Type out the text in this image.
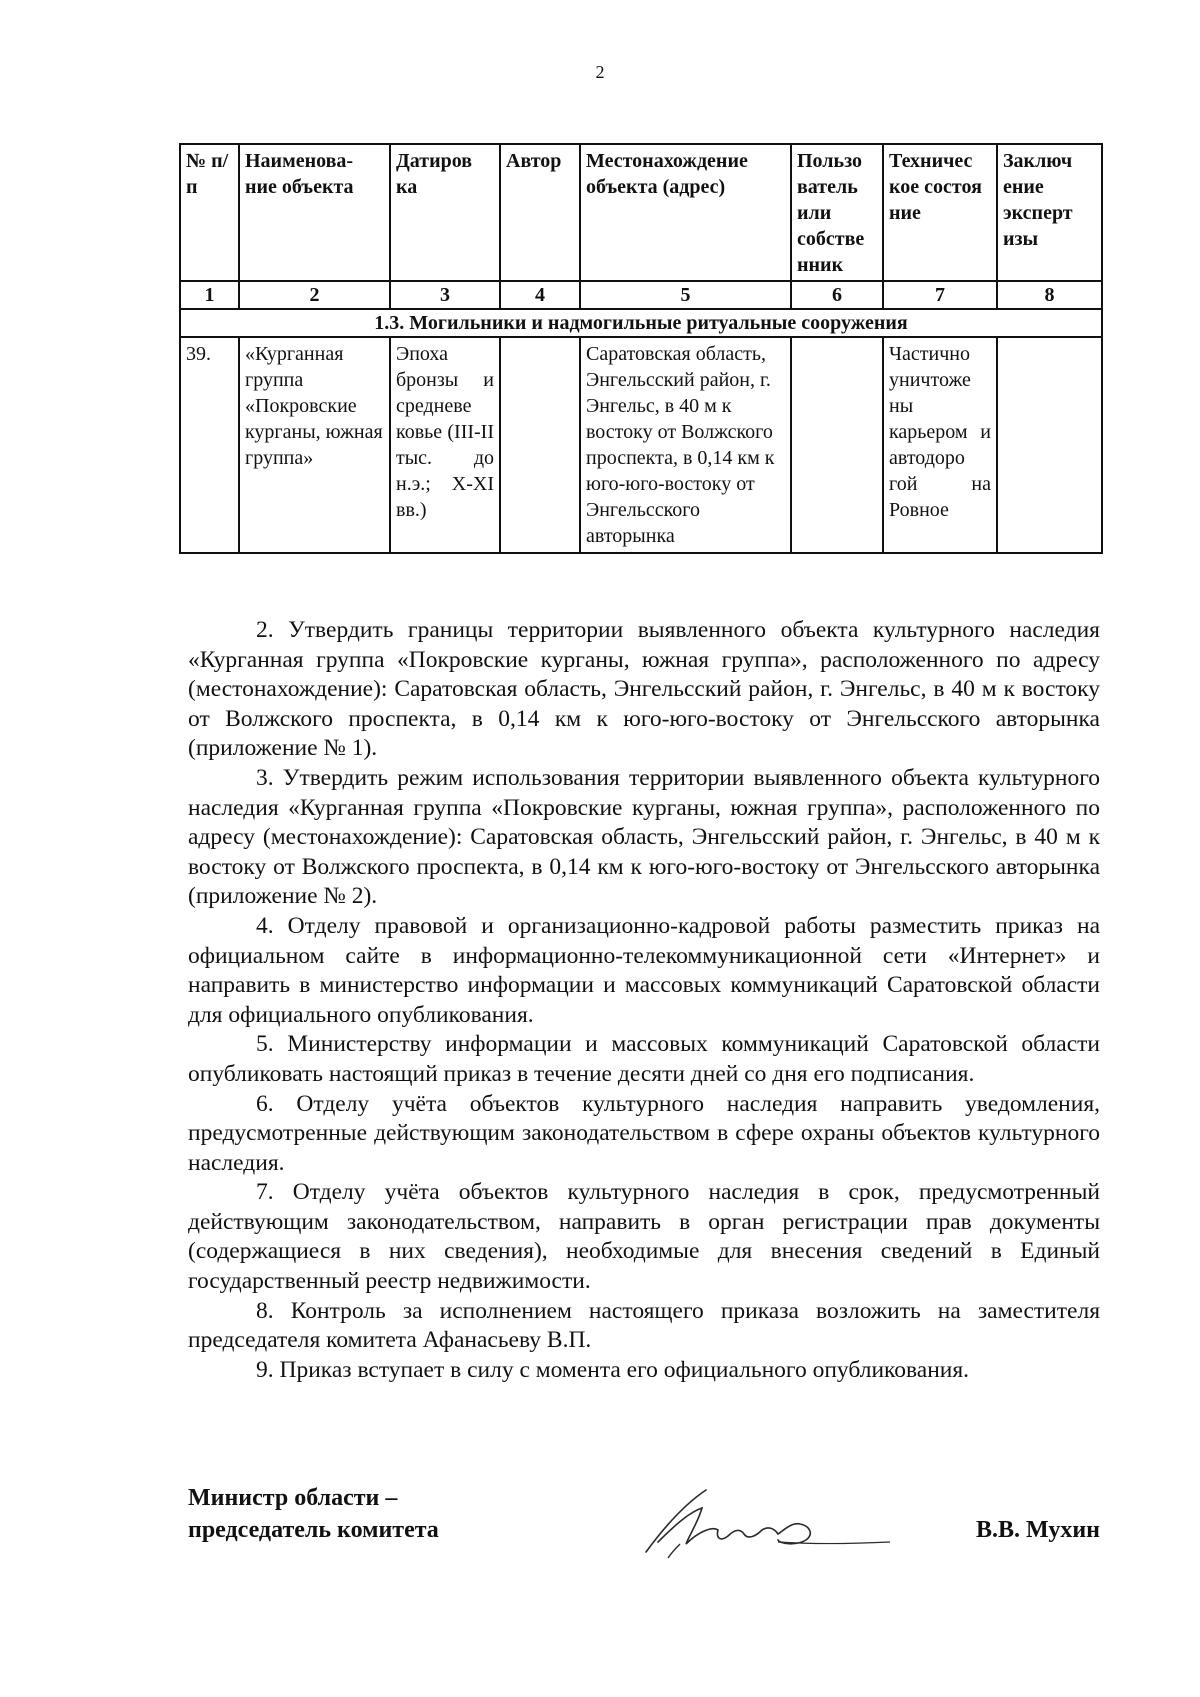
2
№ п/п	Наименова-ние объекта	Датиров ка	Автор	Местонахождение объекта (адрес)	Пользо ватель или собстве нник	Техничес кое состоя ние	Заключ ение эксперт изы
1	2	3	4	5	6	7	8
1.3. Могильники и надмогильные ритуальные сооружения							
39.	«Курганная группа «Покровские курганы, южная группа»	Эпоха бронзы и средневе ковье (III-II тыс. до н.э.; X-XI вв.)		Саратовская область, Энгельсский район, г. Энгельс, в 40 м к востоку от Волжского проспекта, в 0,14 км к юго-юго-востоку от Энгельсского авторынка		Частично уничтоже ны карьером и автодоро гой на Ровное	

2. Утвердить границы территории выявленного объекта культурного наследия «Курганная группа «Покровские курганы, южная группа», расположенного по адресу (местонахождение): Саратовская область, Энгельсский район, г. Энгельс, в 40 м к востоку от Волжского проспекта, в 0,14 км к юго-юго-востоку от Энгельсского авторынка (приложение № 1).

3. Утвердить режим использования территории выявленного объекта культурного наследия «Курганная группа «Покровские курганы, южная группа», расположенного по адресу (местонахождение): Саратовская область, Энгельсский район, г. Энгельс, в 40 м к востоку от Волжского проспекта, в 0,14 км к юго-юго-востоку от Энгельсского авторынка (приложение № 2).

4. Отделу правовой и организационно-кадровой работы разместить приказ на официальном сайте в информационно-телекоммуникационной сети «Интернет» и направить в министерство информации и массовых коммуникаций Саратовской области для официального опубликования.

5. Министерству информации и массовых коммуникаций Саратовской области опубликовать настоящий приказ в течение десяти дней со дня его подписания.

6. Отделу учёта объектов культурного наследия направить уведомления, предусмотренные действующим законодательством в сфере охраны объектов культурного наследия.

7. Отделу учёта объектов культурного наследия в срок, предусмотренный действующим законодательством, направить в орган регистрации прав документы (содержащиеся в них сведения), необходимые для внесения сведений в Единый государственный реестр недвижимости.

8. Контроль за исполнением настоящего приказа возложить на заместителя председателя комитета Афанасьеву В.П.

9. Приказ вступает в силу с момента его официального опубликования.

Министр области –
председатель комитета	В.В. Мухин
